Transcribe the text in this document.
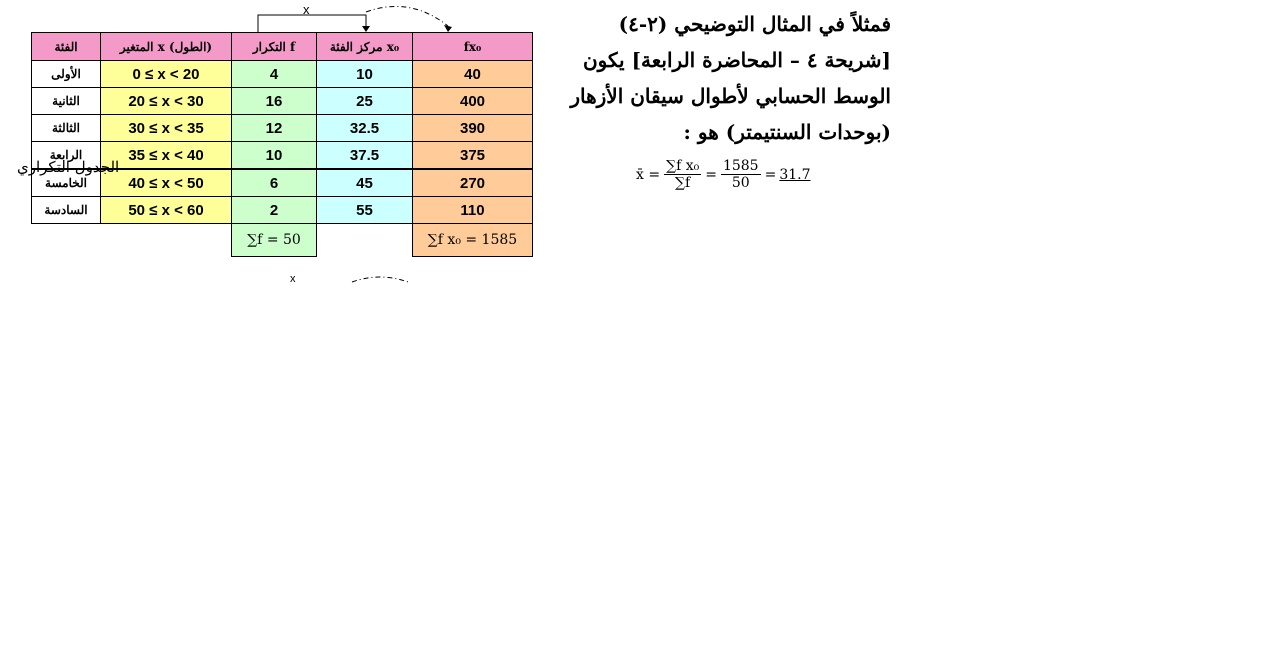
x
الفئة	المتغير x (الطول)	التكرار f	مركز الفئة x₀	fx₀
الأولى	0 ≤ x < 20	4	10	40
الثانية	20 ≤ x < 30	16	25	400
الثالثة	30 ≤ x < 35	12	32.5	390
الرابعة	35 ≤ x < 40	10	37.5	375
الخامسة	40 ≤ x < 50	6	45	270
السادسة	50 ≤ x < 60	2	55	110
		∑f = 50		∑f x₀ = 1585
الجدول التكراري
x
فمثلاً في المثال التوضيحي (٢-٤) [شريحة ٤ – المحاضرة الرابعة] يكون الوسط الحسابي لأطوال سيقان الأزهار (بوحدات السنتيمتر) هو :
x̄ = $\frac{\text{∑f x₀}}{\sum f} = \frac{1585}{50} = 31.7$
